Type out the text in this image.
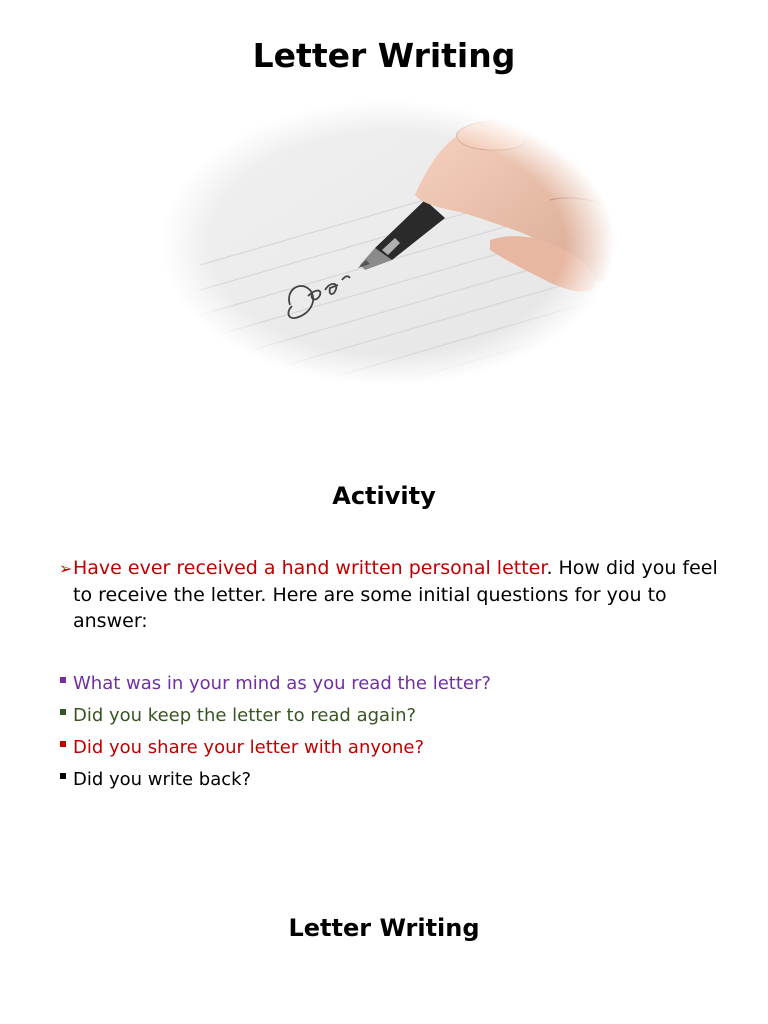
Letter Writing
Activity
➢Have ever received a hand written personal letter. How did you feel
to receive the letter. Here are some initial questions for you to
answer:
What was in your mind as you read the letter?
Did you keep the letter to read again?
Did you share your letter with anyone?
Did you write back?
Letter Writing
